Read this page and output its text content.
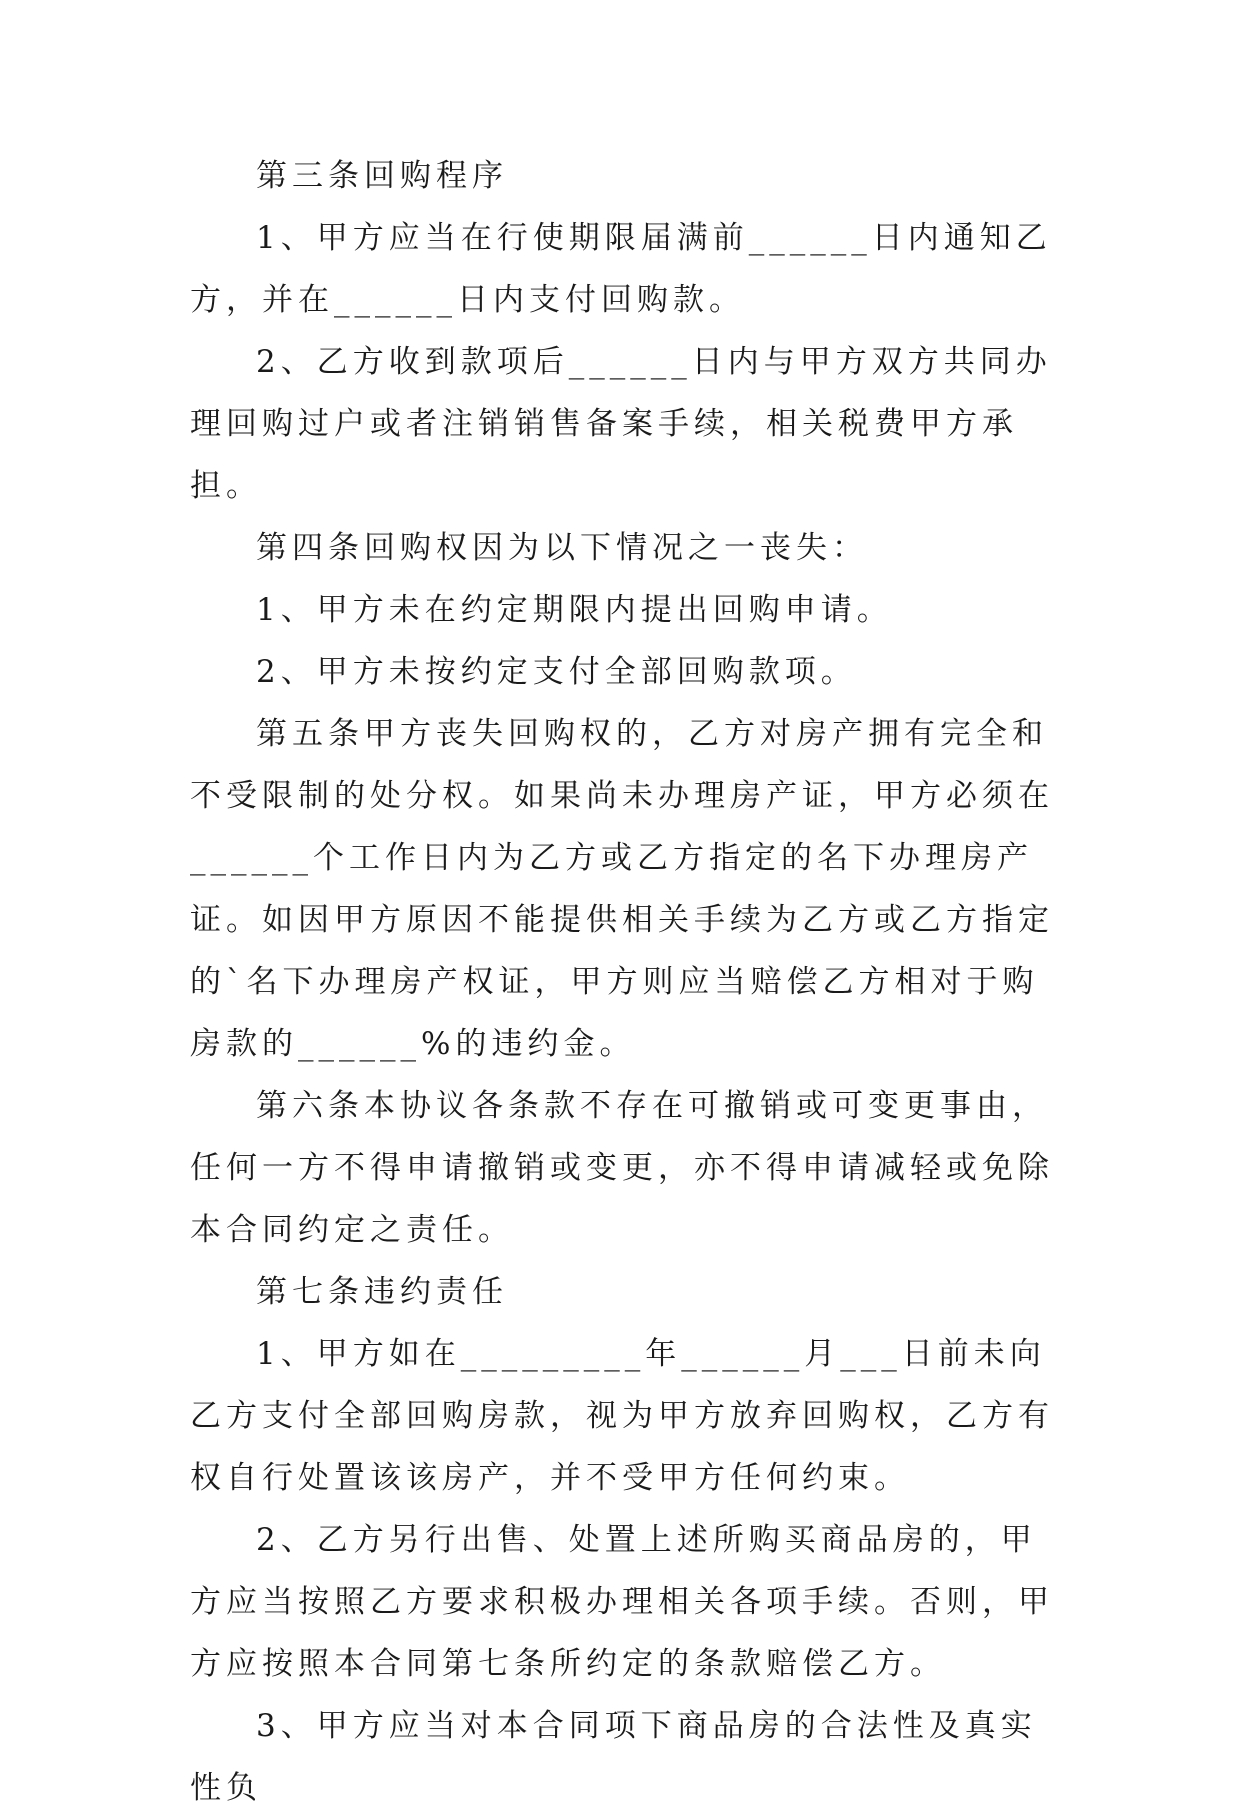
第三条回购程序

1、甲方应当在行使期限届满前______日内通知乙方，并在______日内支付回购款。

2、乙方收到款项后______日内与甲方双方共同办理回购过户或者注销销售备案手续，相关税费甲方承担。

第四条回购权因为以下情况之一丧失：

1、甲方未在约定期限内提出回购申请。

2、甲方未按约定支付全部回购款项。

第五条甲方丧失回购权的，乙方对房产拥有完全和不受限制的处分权。如果尚未办理房产证，甲方必须在______个工作日内为乙方或乙方指定的名下办理房产证。如因甲方原因不能提供相关手续为乙方或乙方指定的`名下办理房产权证，甲方则应当赔偿乙方相对于购房款的______%的违约金。

第六条本协议各条款不存在可撤销或可变更事由，任何一方不得申请撤销或变更，亦不得申请减轻或免除本合同约定之责任。

第七条违约责任

1、甲方如在_________年______月___日前未向乙方支付全部回购房款，视为甲方放弃回购权，乙方有权自行处置该该房产，并不受甲方任何约束。

2、乙方另行出售、处置上述所购买商品房的，甲方应当按照乙方要求积极办理相关各项手续。否则，甲方应按照本合同第七条所约定的条款赔偿乙方。

3、甲方应当对本合同项下商品房的合法性及真实性负
